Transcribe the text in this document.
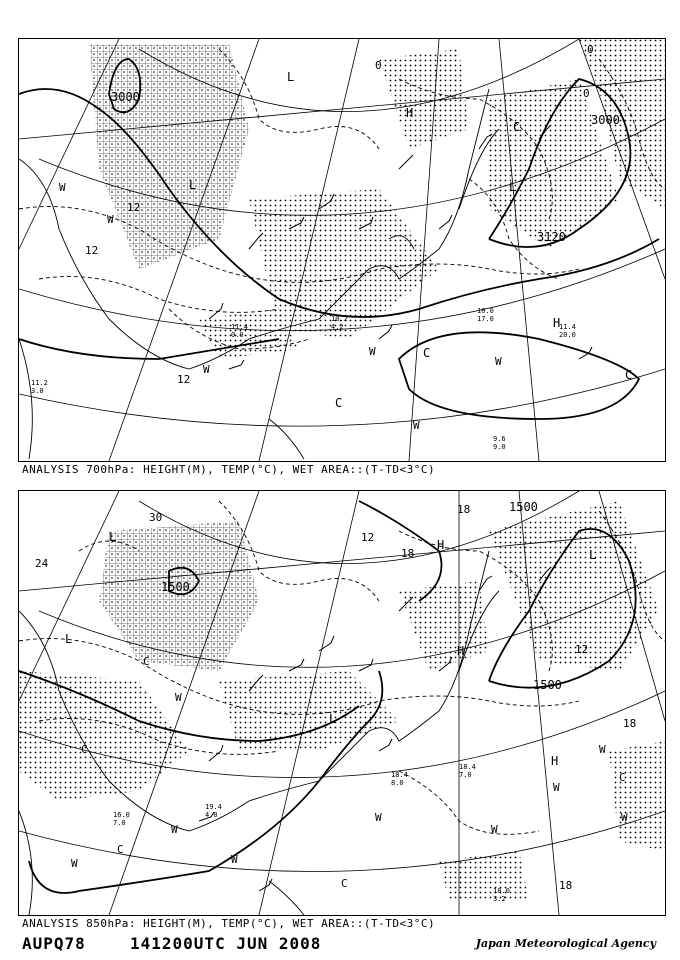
3000
3000
3120
12
12
12
0
0
0
H
H
L	L
L
C
C
C
C
W
W
W
W
W
W
11.4
20.0
9.6
9.0
10.0
17.0
11.2
3.0
11.4
0.0
10.2
4.2
ANALYSIS 700hPa: HEIGHT(M), TEMP(°C), WET AREA::(T-TD<3°C)
1500
1500
1500
30
24
18
18
18
12
12
18
H
H
H
L
L
L
L
C
C
C
C
C
W
W
W
W
W
W
W
W
W
18.4
7.0
18.0
3.2
19.4
4.0
18.4
8.0
16.0
7.0
ANALYSIS 850hPa: HEIGHT(M), TEMP(°C), WET AREA::(T-TD<3°C)
AUPQ78	141200UTC JUN 2008	Japan Meteorological Agency
